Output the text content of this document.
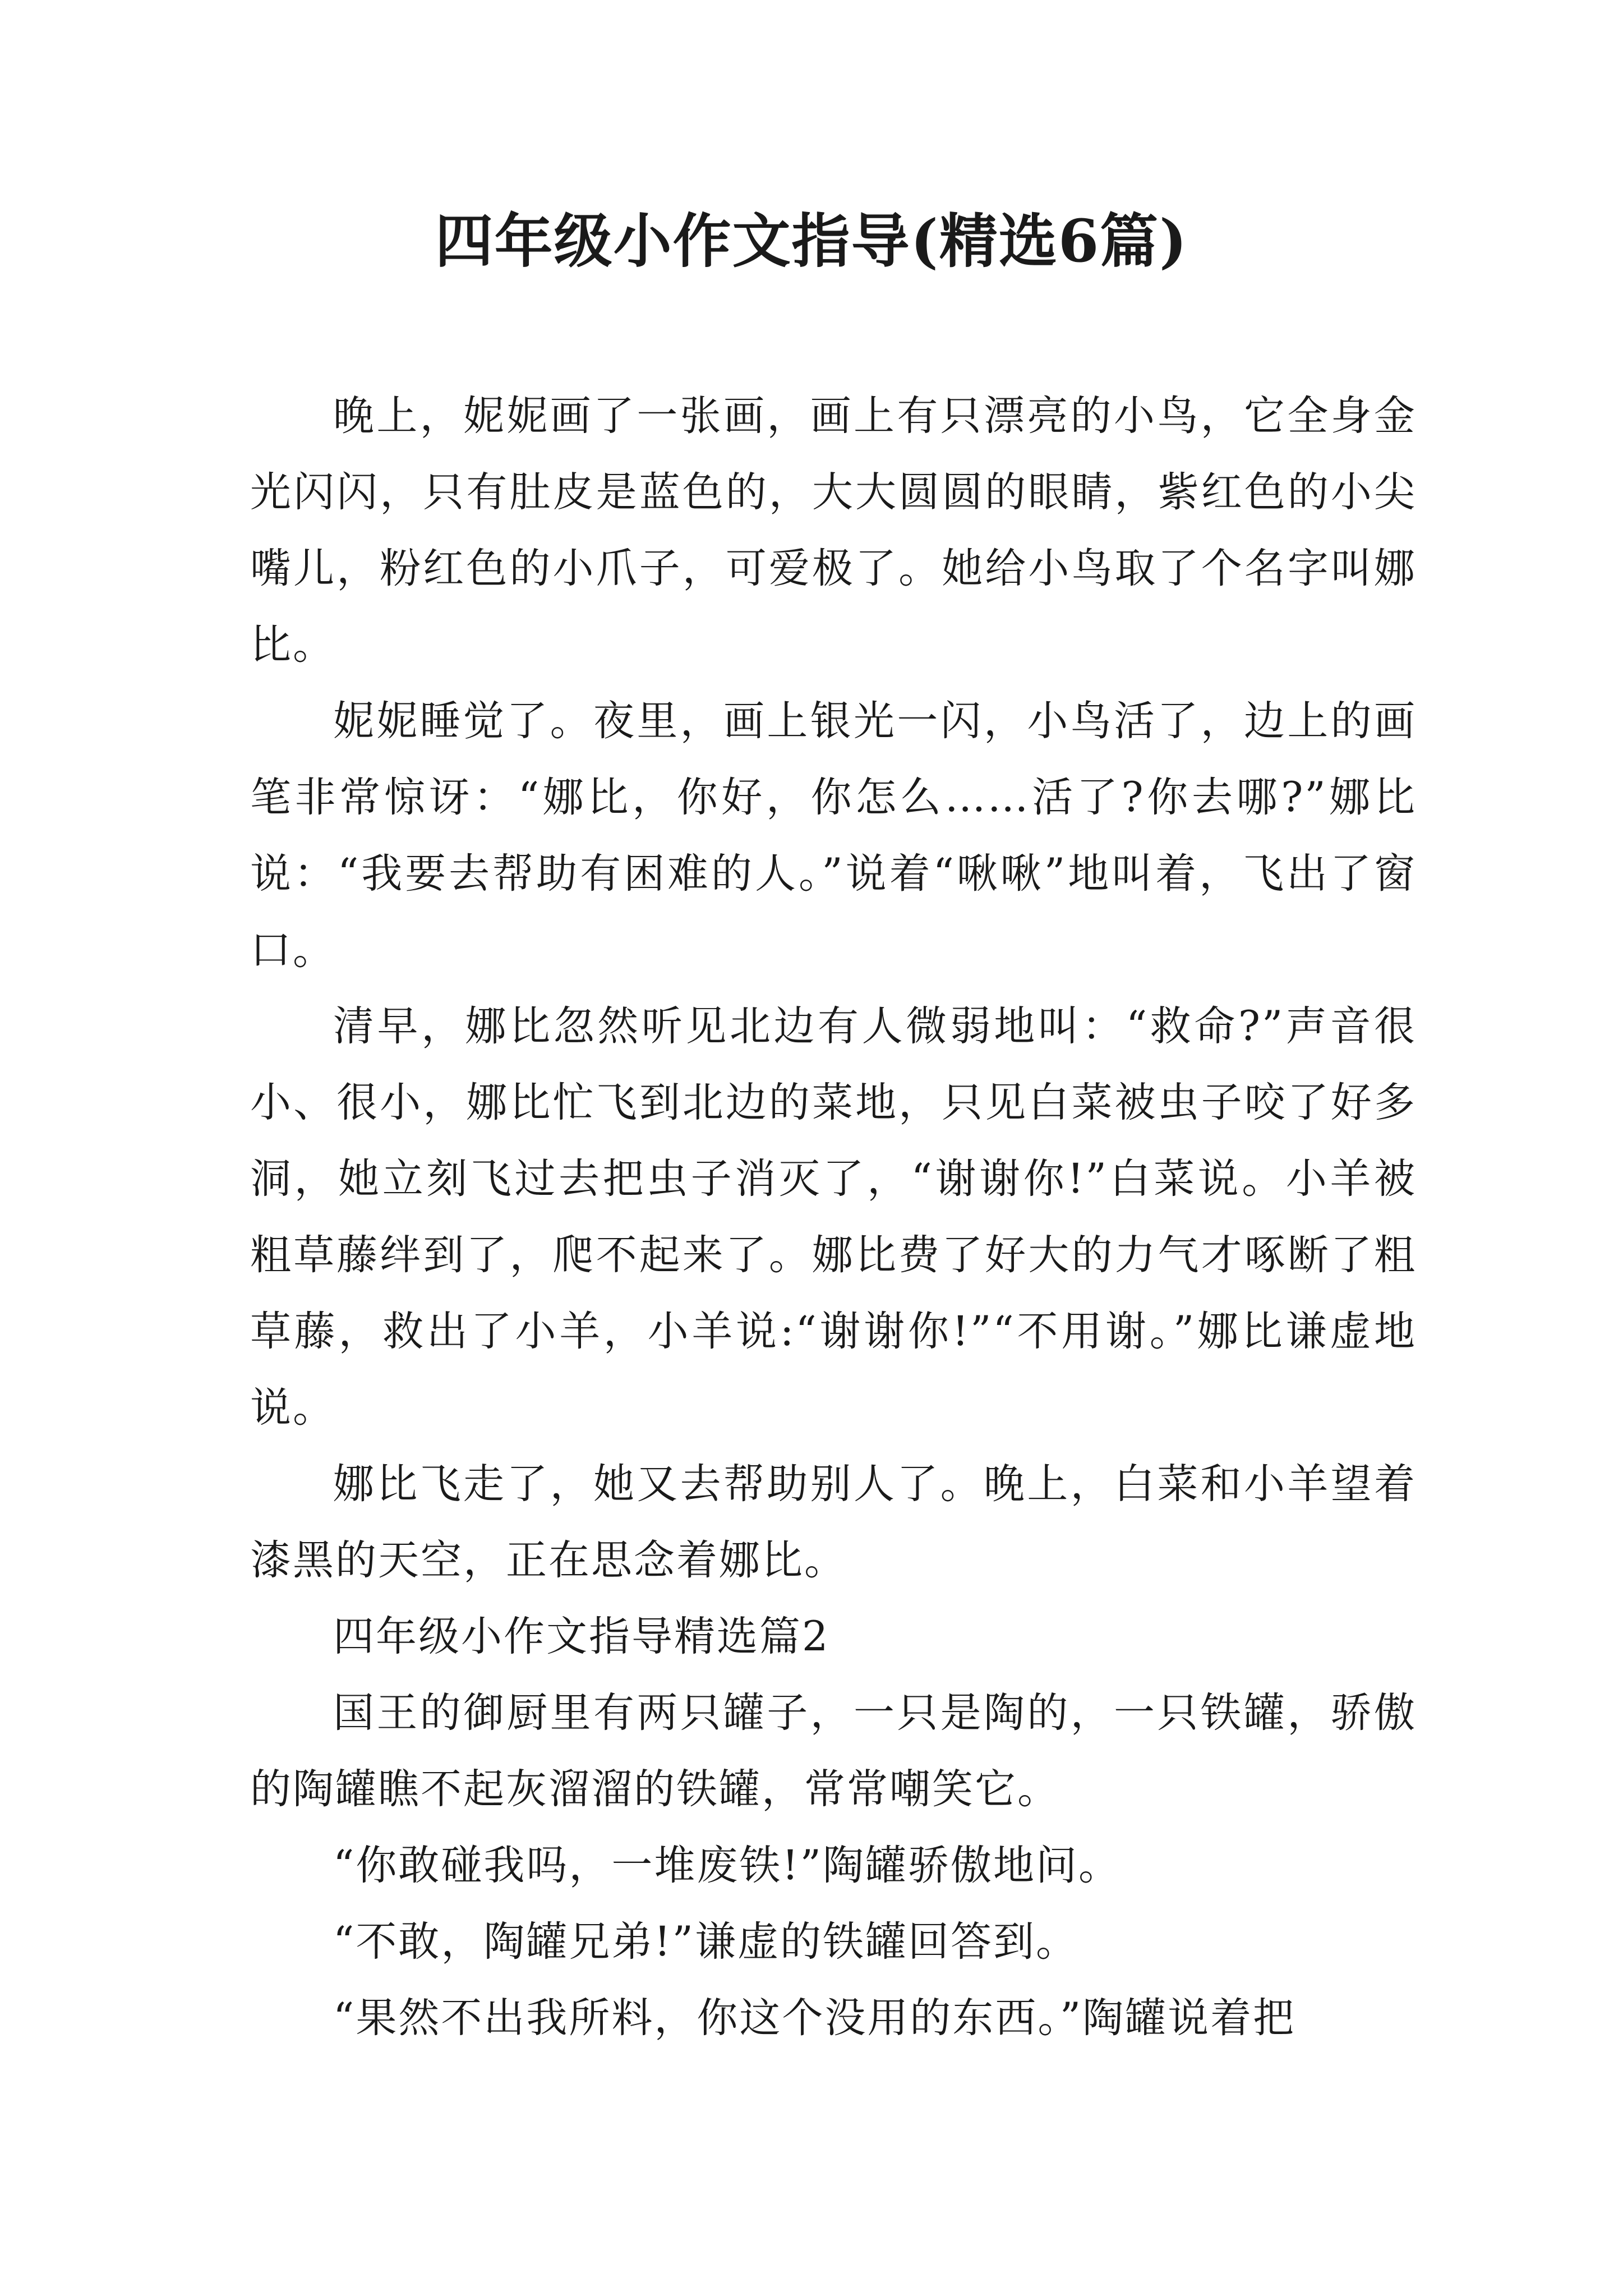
四年级小作文指导(精选6篇)

晚上，妮妮画了一张画，画上有只漂亮的小鸟，它全身金光闪闪，只有肚皮是蓝色的，大大圆圆的眼睛，紫红色的小尖嘴儿，粉红色的小爪子，可爱极了。她给小鸟取了个名字叫娜比。

妮妮睡觉了。夜里，画上银光一闪，小鸟活了，边上的画笔非常惊讶：“娜比，你好，你怎么……活了?你去哪?”娜比说：“我要去帮助有困难的人。”说着“啾啾”地叫着，飞出了窗口。

清早，娜比忽然听见北边有人微弱地叫：“救命?”声音很小、很小，娜比忙飞到北边的菜地，只见白菜被虫子咬了好多洞，她立刻飞过去把虫子消灭了，“谢谢你!”白菜说。小羊被粗草藤绊到了，爬不起来了。娜比费了好大的力气才啄断了粗草藤，救出了小羊，小羊说:“谢谢你!”“不用谢。”娜比谦虚地说。

娜比飞走了，她又去帮助别人了。晚上，白菜和小羊望着漆黑的天空，正在思念着娜比。

四年级小作文指导精选篇2

国王的御厨里有两只罐子，一只是陶的，一只铁罐，骄傲的陶罐瞧不起灰溜溜的铁罐，常常嘲笑它。

“你敢碰我吗，一堆废铁!”陶罐骄傲地问。

“不敢，陶罐兄弟!”谦虚的铁罐回答到。

“果然不出我所料，你这个没用的东西。”陶罐说着把
